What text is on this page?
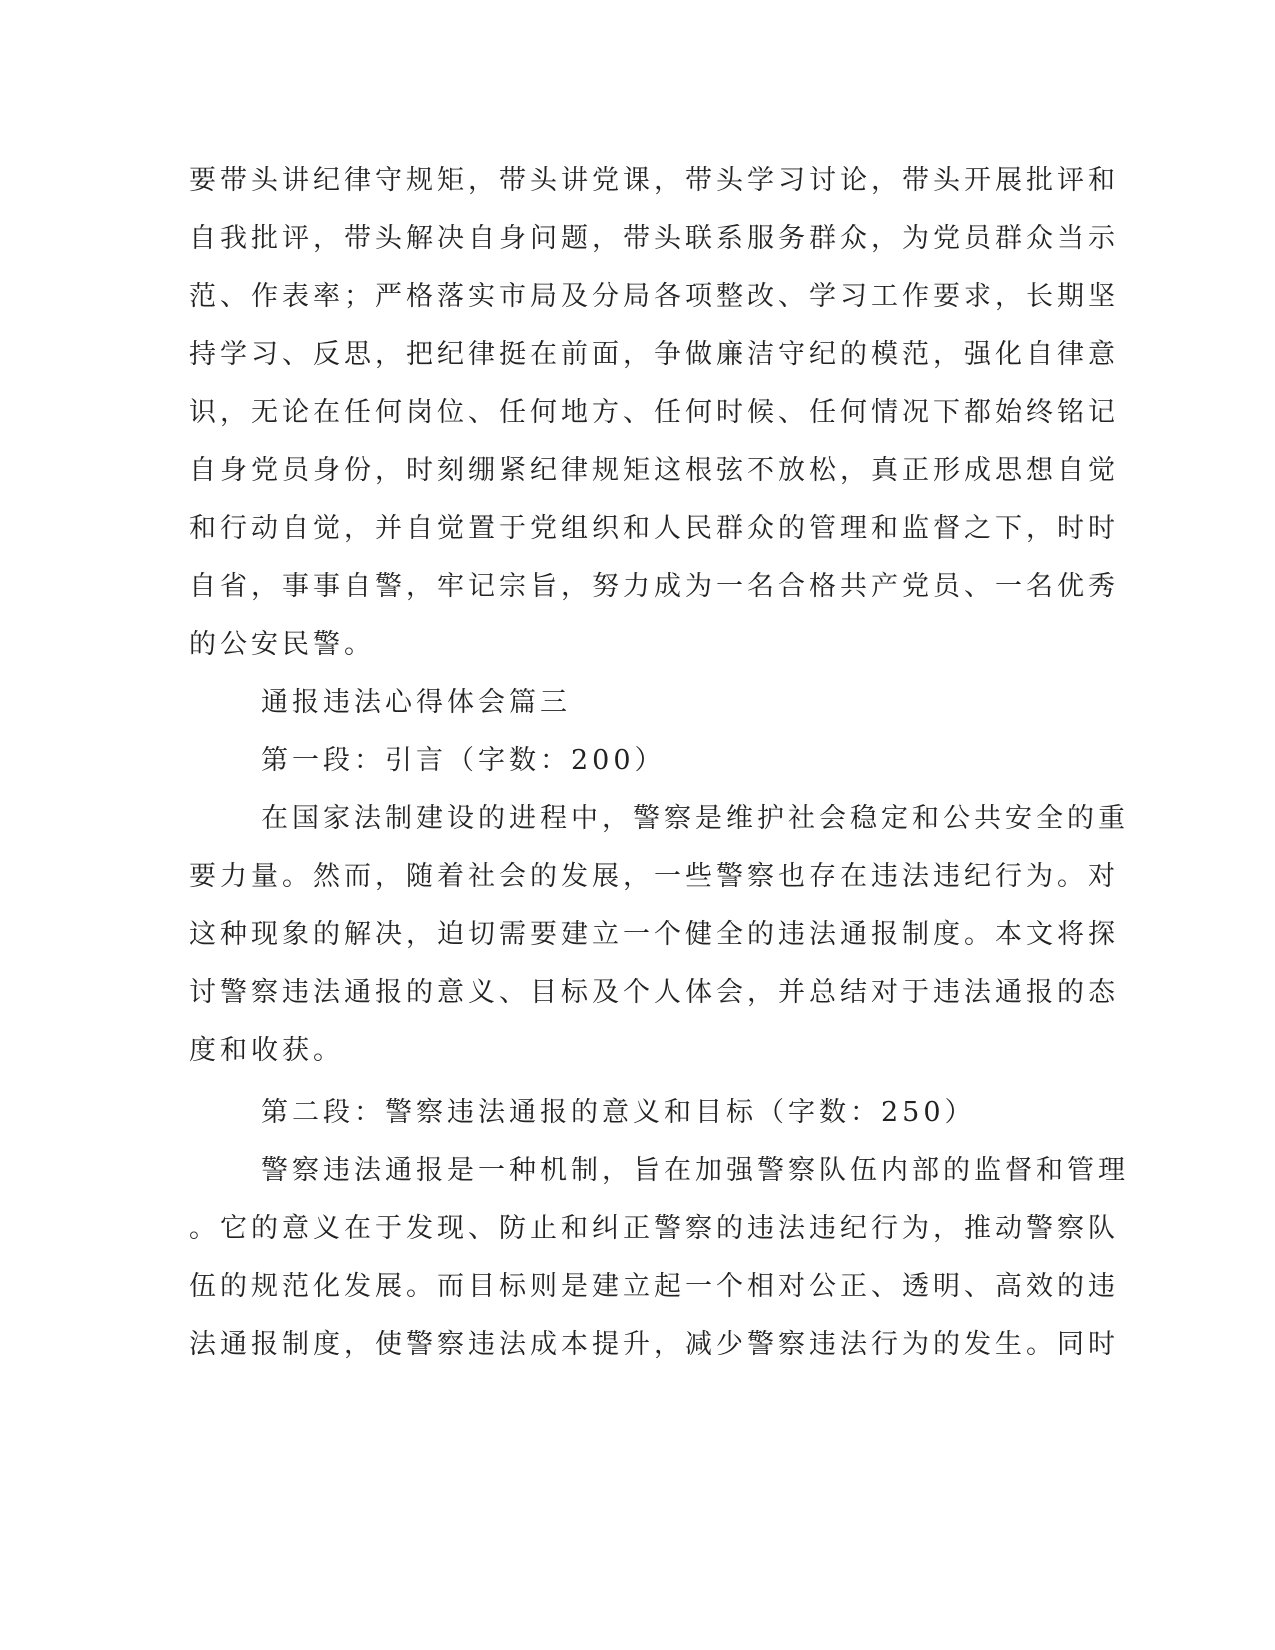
要带头讲纪律守规矩，带头讲党课，带头学习讨论，带头开展批评和
自我批评，带头解决自身问题，带头联系服务群众，为党员群众当示
范、作表率；严格落实市局及分局各项整改、学习工作要求，长期坚
持学习、反思，把纪律挺在前面，争做廉洁守纪的模范，强化自律意
识，无论在任何岗位、任何地方、任何时候、任何情况下都始终铭记
自身党员身份，时刻绷紧纪律规矩这根弦不放松，真正形成思想自觉
和行动自觉，并自觉置于党组织和人民群众的管理和监督之下，时时
自省，事事自警，牢记宗旨，努力成为一名合格共产党员、一名优秀
的公安民警。
通报违法心得体会篇三
第一段：引言（字数：200）
在国家法制建设的进程中，警察是维护社会稳定和公共安全的重
要力量。然而，随着社会的发展，一些警察也存在违法违纪行为。对
这种现象的解决，迫切需要建立一个健全的违法通报制度。本文将探
讨警察违法通报的意义、目标及个人体会，并总结对于违法通报的态
度和收获。
第二段：警察违法通报的意义和目标（字数：250）
警察违法通报是一种机制，旨在加强警察队伍内部的监督和管理
。它的意义在于发现、防止和纠正警察的违法违纪行为，推动警察队
伍的规范化发展。而目标则是建立起一个相对公正、透明、高效的违
法通报制度，使警察违法成本提升，减少警察违法行为的发生。同时
